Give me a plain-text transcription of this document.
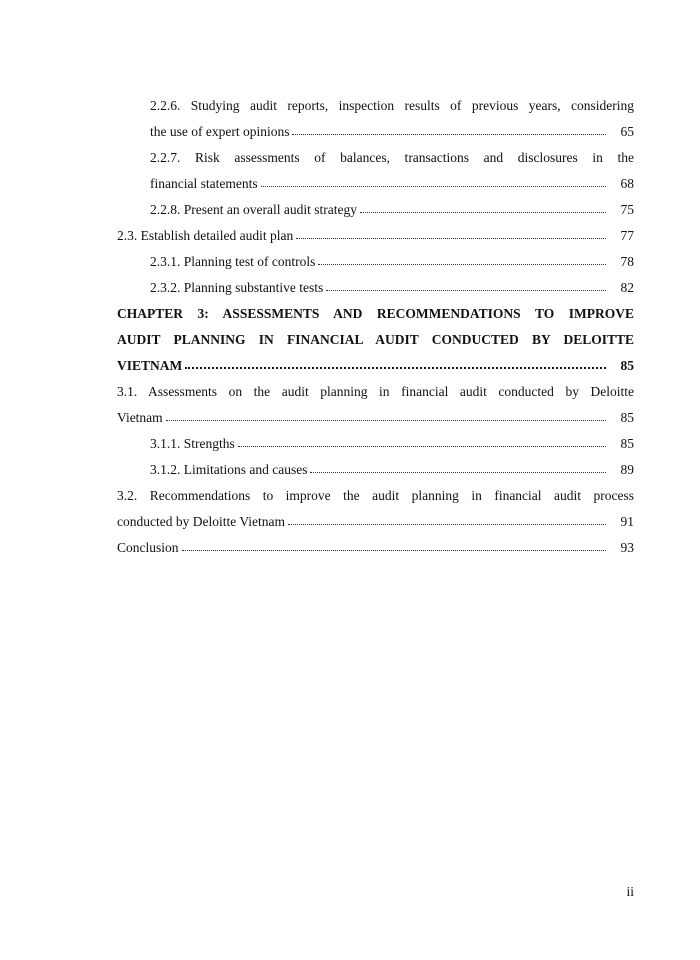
2.2.6. Studying audit reports, inspection results of previous years, considering
the use of expert opinions	65
2.2.7. Risk assessments of balances, transactions and disclosures in the
financial statements	68
2.2.8. Present an overall audit strategy	75
2.3. Establish detailed audit plan	77
2.3.1. Planning test of controls	78
2.3.2. Planning substantive tests	82
CHAPTER 3: ASSESSMENTS AND RECOMMENDATIONS TO IMPROVE
AUDIT PLANNING IN FINANCIAL AUDIT CONDUCTED BY DELOITTE
VIETNAM	85
3.1. Assessments on the audit planning in financial audit conducted by Deloitte
Vietnam	85
3.1.1. Strengths	85
3.1.2. Limitations and causes	89
3.2. Recommendations to improve the audit planning in financial audit process
conducted by Deloitte Vietnam	91
Conclusion	93
ii
